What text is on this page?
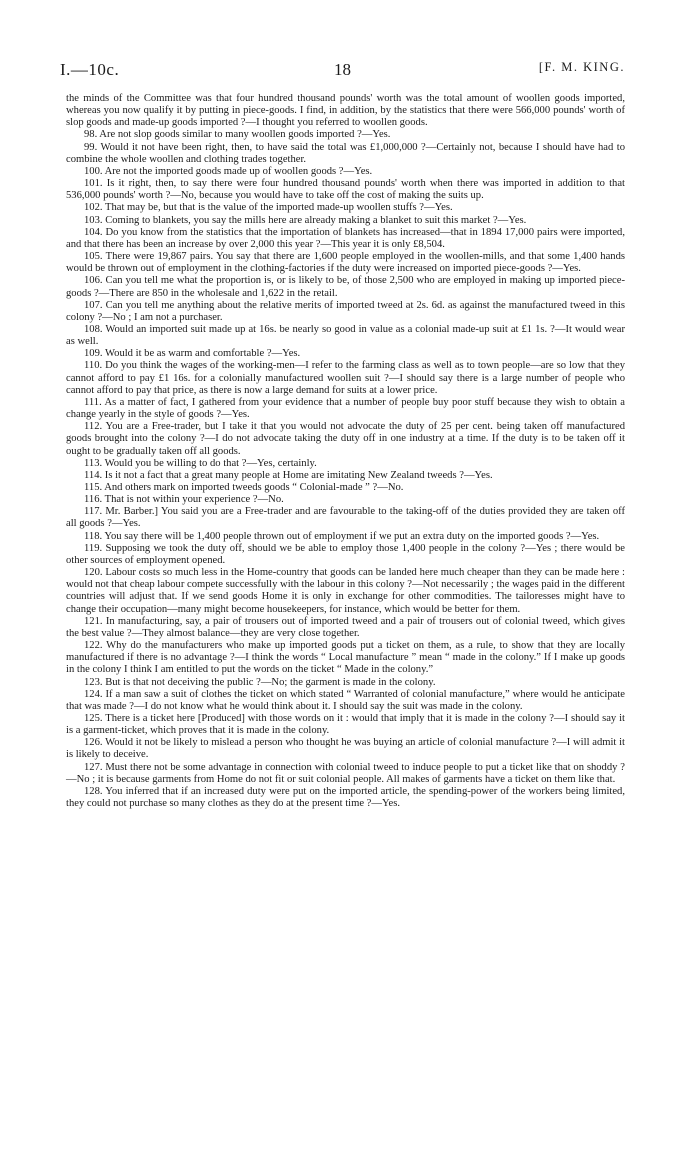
I.—10c.	18	[F. M. KING.

the minds of the Committee was that four hundred thousand pounds' worth was the total amount of woollen goods imported, whereas you now qualify it by putting in piece-goods. I find, in addition, by the statistics that there were 566,000 pounds' worth of slop goods and made-up goods imported ?—I thought you referred to woollen goods.

98. Are not slop goods similar to many woollen goods imported ?—Yes.

99. Would it not have been right, then, to have said the total was £1,000,000 ?—Certainly not, because I should have had to combine the whole woollen and clothing trades together.

100. Are not the imported goods made up of woollen goods ?—Yes.

101. Is it right, then, to say there were four hundred thousand pounds' worth when there was imported in addition to that 536,000 pounds' worth ?—No, because you would have to take off the cost of making the suits up.

102. That may be, but that is the value of the imported made-up woollen stuffs ?—Yes.

103. Coming to blankets, you say the mills here are already making a blanket to suit this market ?—Yes.

104. Do you know from the statistics that the importation of blankets has increased—that in 1894 17,000 pairs were imported, and that there has been an increase by over 2,000 this year ?—This year it is only £8,504.

105. There were 19,867 pairs. You say that there are 1,600 people employed in the woollen-mills, and that some 1,400 hands would be thrown out of employment in the clothing-factories if the duty were increased on imported piece-goods ?—Yes.

106. Can you tell me what the proportion is, or is likely to be, of those 2,500 who are employed in making up imported piece-goods ?—There are 850 in the wholesale and 1,622 in the retail.

107. Can you tell me anything about the relative merits of imported tweed at 2s. 6d. as against the manufactured tweed in this colony ?—No ; I am not a purchaser.

108. Would an imported suit made up at 16s. be nearly so good in value as a colonial made-up suit at £1 1s. ?—It would wear as well.

109. Would it be as warm and comfortable ?—Yes.

110. Do you think the wages of the working-men—I refer to the farming class as well as to town people—are so low that they cannot afford to pay £1 16s. for a colonially manufactured woollen suit ?—I should say there is a large number of people who cannot afford to pay that price, as there is now a large demand for suits at a lower price.

111. As a matter of fact, I gathered from your evidence that a number of people buy poor stuff because they wish to obtain a change yearly in the style of goods ?—Yes.

112. You are a Free-trader, but I take it that you would not advocate the duty of 25 per cent. being taken off manufactured goods brought into the colony ?—I do not advocate taking the duty off in one industry at a time. If the duty is to be taken off it ought to be gradually taken off all goods.

113. Would you be willing to do that ?—Yes, certainly.

114. Is it not a fact that a great many people at Home are imitating New Zealand tweeds ?—Yes.

115. And others mark on imported tweeds goods “ Colonial-made ” ?—No.

116. That is not within your experience ?—No.

117. Mr. Barber.] You said you are a Free-trader and are favourable to the taking-off of the duties provided they are taken off all goods ?—Yes.

118. You say there will be 1,400 people thrown out of employment if we put an extra duty on the imported goods ?—Yes.

119. Supposing we took the duty off, should we be able to employ those 1,400 people in the colony ?—Yes ; there would be other sources of employment opened.

120. Labour costs so much less in the Home-country that goods can be landed here much cheaper than they can be made here : would not that cheap labour compete successfully with the labour in this colony ?—Not necessarily ; the wages paid in the different countries will adjust that. If we send goods Home it is only in exchange for other commodities. The tailoresses might have to change their occupation—many might become housekeepers, for instance, which would be better for them.

121. In manufacturing, say, a pair of trousers out of imported tweed and a pair of trousers out of colonial tweed, which gives the best value ?—They almost balance—they are very close together.

122. Why do the manufacturers who make up imported goods put a ticket on them, as a rule, to show that they are locally manufactured if there is no advantage ?—I think the words “ Local manufacture ” mean “ made in the colony.” If I make up goods in the colony I think I am entitled to put the words on the ticket “ Made in the colony.”

123. But is that not deceiving the public ?—No; the garment is made in the colony.

124. If a man saw a suit of clothes the ticket on which stated “ Warranted of colonial manufacture,” where would he anticipate that was made ?—I do not know what he would think about it. I should say the suit was made in the colony.

125. There is a ticket here [Produced] with those words on it : would that imply that it is made in the colony ?—I should say it is a garment-ticket, which proves that it is made in the colony.

126. Would it not be likely to mislead a person who thought he was buying an article of colonial manufacture ?—I will admit it is likely to deceive.

127. Must there not be some advantage in connection with colonial tweed to induce people to put a ticket like that on shoddy ?—No ; it is because garments from Home do not fit or suit colonial people. All makes of garments have a ticket on them like that.

128. You inferred that if an increased duty were put on the imported article, the spending-power of the workers being limited, they could not purchase so many clothes as they do at the present time ?—Yes.
